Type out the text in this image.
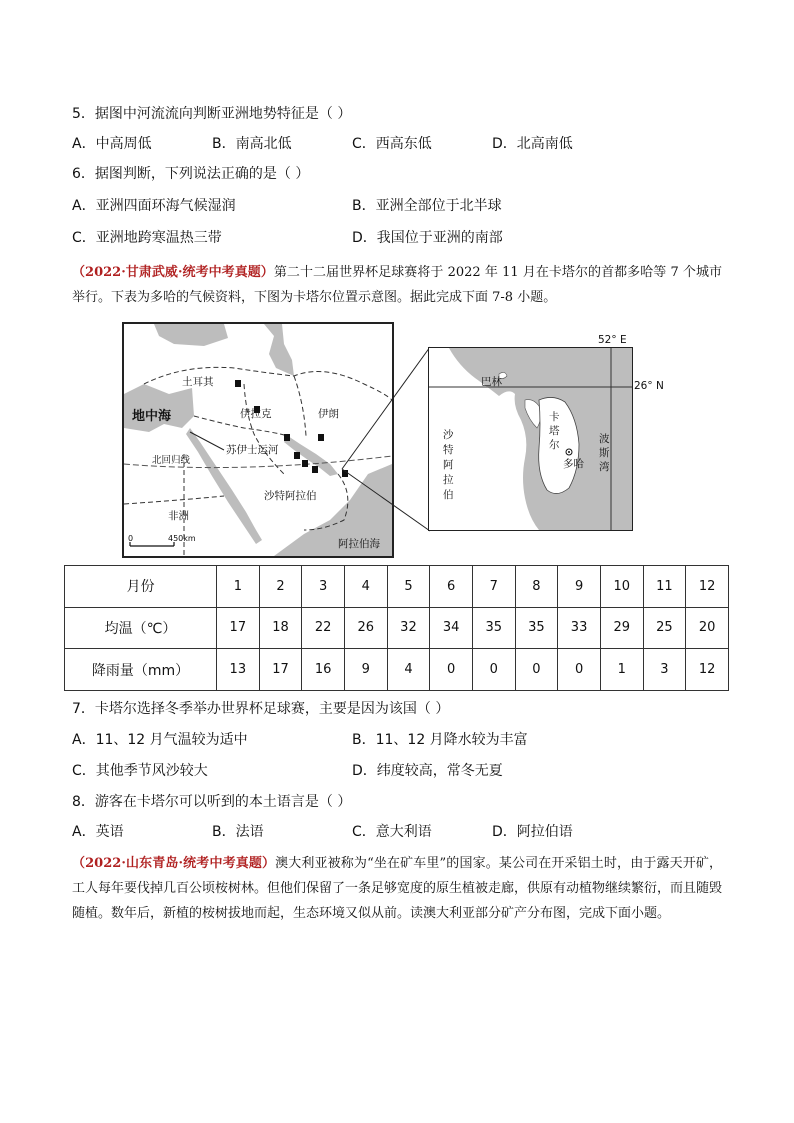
5．据图中河流流向判断亚洲地势特征是（ ）
A．中高周低	B．南高北低	C．西高东低	D．北高南低
6．据图判断，下列说法正确的是（ ）
A．亚洲四面环海气候湿润	B．亚洲全部位于北半球
C．亚洲地跨寒温热三带	D．我国位于亚洲的南部
（2022·甘肃武威·统考中考真题）第二十二届世界杯足球赛将于 2022 年 11 月在卡塔尔的首都多哈等 7 个城市举行。下表为多哈的气候资料，下图为卡塔尔位置示意图。据此完成下面 7-8 小题。
土耳其
地中海	伊拉克	伊朗
苏伊士运河
北回归线
沙特阿拉伯
非洲
阿拉伯海
0	450km
巴林
卡
塔
尔
沙
特
阿
拉
伯
波
斯
湾
多哈
52° E
26° N
月份	1	2	3	4	5	6	7	8	9	10	11	12
均温（℃）	17	18	22	26	32	34	35	35	33	29	25	20
降雨量（mm）	13	17	16	9	4	0	0	0	0	1	3	12
7．卡塔尔选择冬季举办世界杯足球赛，主要是因为该国（ ）
A．11、12 月气温较为适中	B．11、12 月降水较为丰富
C．其他季节风沙较大	D．纬度较高，常冬无夏
8．游客在卡塔尔可以听到的本土语言是（ ）
A．英语	B．法语	C．意大利语	D．阿拉伯语
（2022·山东青岛·统考中考真题）澳大利亚被称为“坐在矿车里”的国家。某公司在开采铝土时，由于露天开矿，工人每年要伐掉几百公顷桉树林。但他们保留了一条足够宽度的原生植被走廊，供原有动植物继续繁衍，而且随毁随植。数年后，新植的桉树拔地而起，生态环境又似从前。读澳大利亚部分矿产分布图，完成下面小题。
